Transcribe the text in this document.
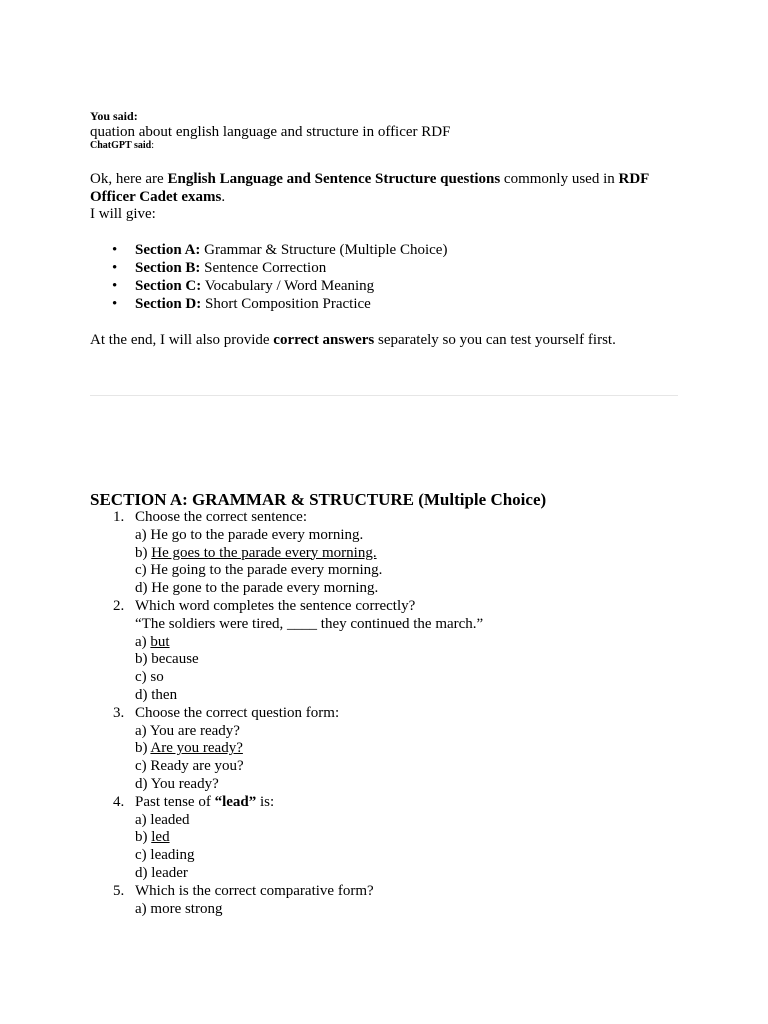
You said:
quation about english language and structure in officer RDF
ChatGPT said:

Ok, here are English Language and Sentence Structure questions commonly used in RDF Officer Cadet exams.

I will give:

• Section A: Grammar & Structure (Multiple Choice)
• Section B: Sentence Correction
• Section C: Vocabulary / Word Meaning
• Section D: Short Composition Practice

At the end, I will also provide correct answers separately so you can test yourself first.

SECTION A: GRAMMAR & STRUCTURE (Multiple Choice)
1. Choose the correct sentence:
a) He go to the parade every morning.
b) He goes to the parade every morning.
c) He going to the parade every morning.
d) He gone to the parade every morning.
2. Which word completes the sentence correctly?
“The soldiers were tired, ____ they continued the march.”
a) but
b) because
c) so
d) then
3. Choose the correct question form:
a) You are ready?
b) Are you ready?
c) Ready are you?
d) You ready?
4. Past tense of “lead” is:
a) leaded
b) led
c) leading
d) leader
5. Which is the correct comparative form?
a) more strong
